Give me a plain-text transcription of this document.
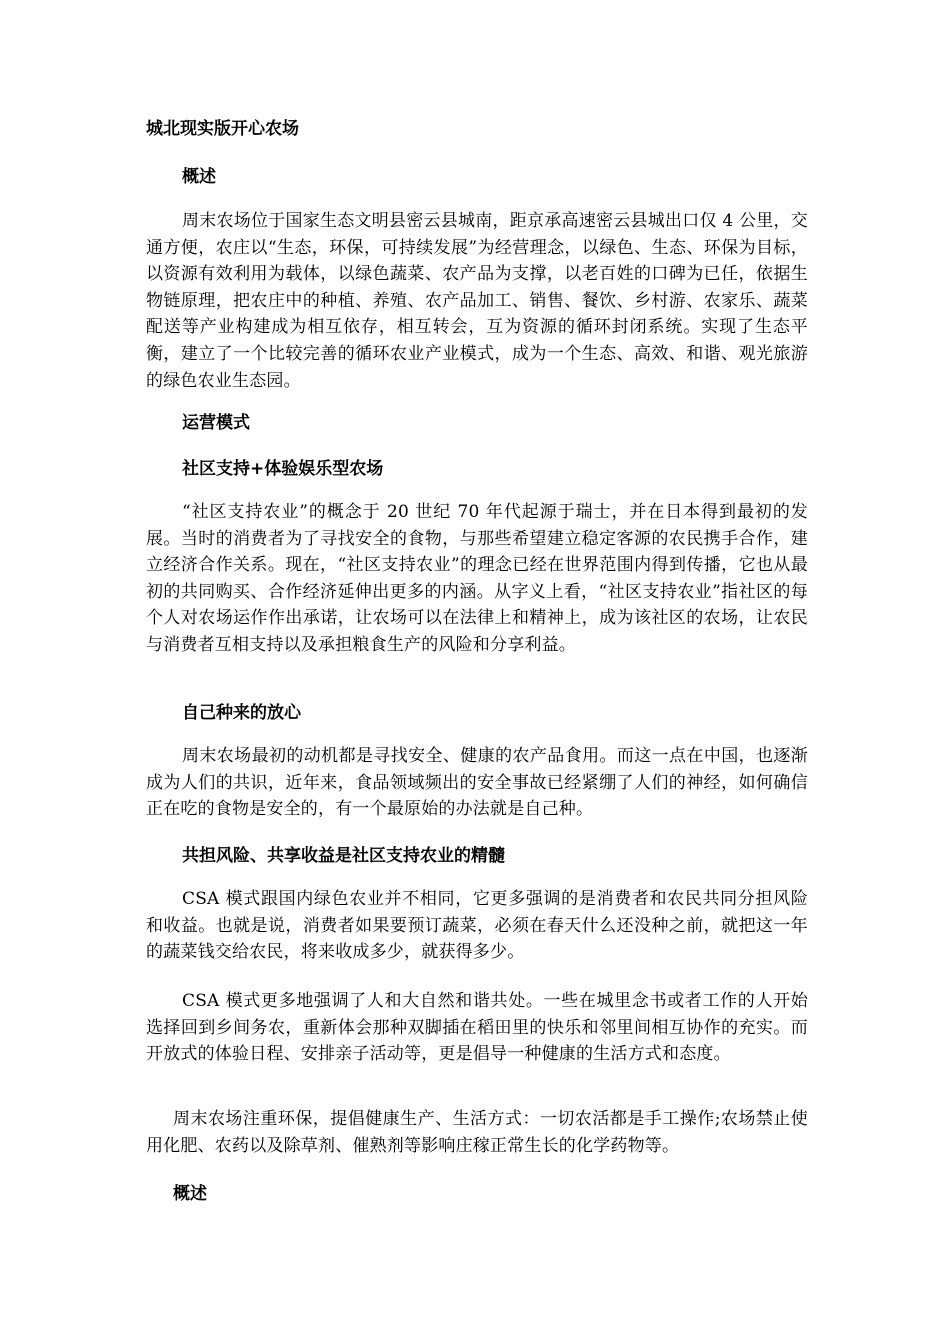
城北现实版开心农场
概述

周末农场位于国家生态文明县密云县城南，距京承高速密云县城出口仅 4 公里，交通方便，农庄以“生态，环保，可持续发展”为经营理念，以绿色、生态、环保为目标，以资源有效利用为载体，以绿色蔬菜、农产品为支撑，以老百姓的口碑为已任，依据生物链原理，把农庄中的种植、养殖、农产品加工、销售、餐饮、乡村游、农家乐、蔬菜配送等产业构建成为相互依存，相互转会，互为资源的循环封闭系统。实现了生态平衡，建立了一个比较完善的循环农业产业模式，成为一个生态、高效、和谐、观光旅游的绿色农业生态园。

运营模式
社区支持+体验娱乐型农场

“社区支持农业”的概念于 20 世纪 70 年代起源于瑞士，并在日本得到最初的发展。当时的消费者为了寻找安全的食物，与那些希望建立稳定客源的农民携手合作，建立经济合作关系。现在，“社区支持农业”的理念已经在世界范围内得到传播，它也从最初的共同购买、合作经济延伸出更多的内涵。从字义上看，“社区支持农业”指社区的每个人对农场运作作出承诺，让农场可以在法律上和精神上，成为该社区的农场，让农民与消费者互相支持以及承担粮食生产的风险和分享利益。

自己种来的放心

周末农场最初的动机都是寻找安全、健康的农产品食用。而这一点在中国，也逐渐成为人们的共识，近年来，食品领域频出的安全事故已经紧绷了人们的神经，如何确信正在吃的食物是安全的，有一个最原始的办法就是自己种。

共担风险、共享收益是社区支持农业的精髓

CSA 模式跟国内绿色农业并不相同，它更多强调的是消费者和农民共同分担风险和收益。也就是说，消费者如果要预订蔬菜，必须在春天什么还没种之前，就把这一年的蔬菜钱交给农民，将来收成多少，就获得多少。

CSA 模式更多地强调了人和大自然和谐共处。一些在城里念书或者工作的人开始选择回到乡间务农，重新体会那种双脚插在稻田里的快乐和邻里间相互协作的充实。而开放式的体验日程、安排亲子活动等，更是倡导一种健康的生活方式和态度。

周末农场注重环保，提倡健康生产、生活方式：一切农活都是手工操作;农场禁止使用化肥、农药以及除草剂、催熟剂等影响庄稼正常生长的化学药物等。

概述
